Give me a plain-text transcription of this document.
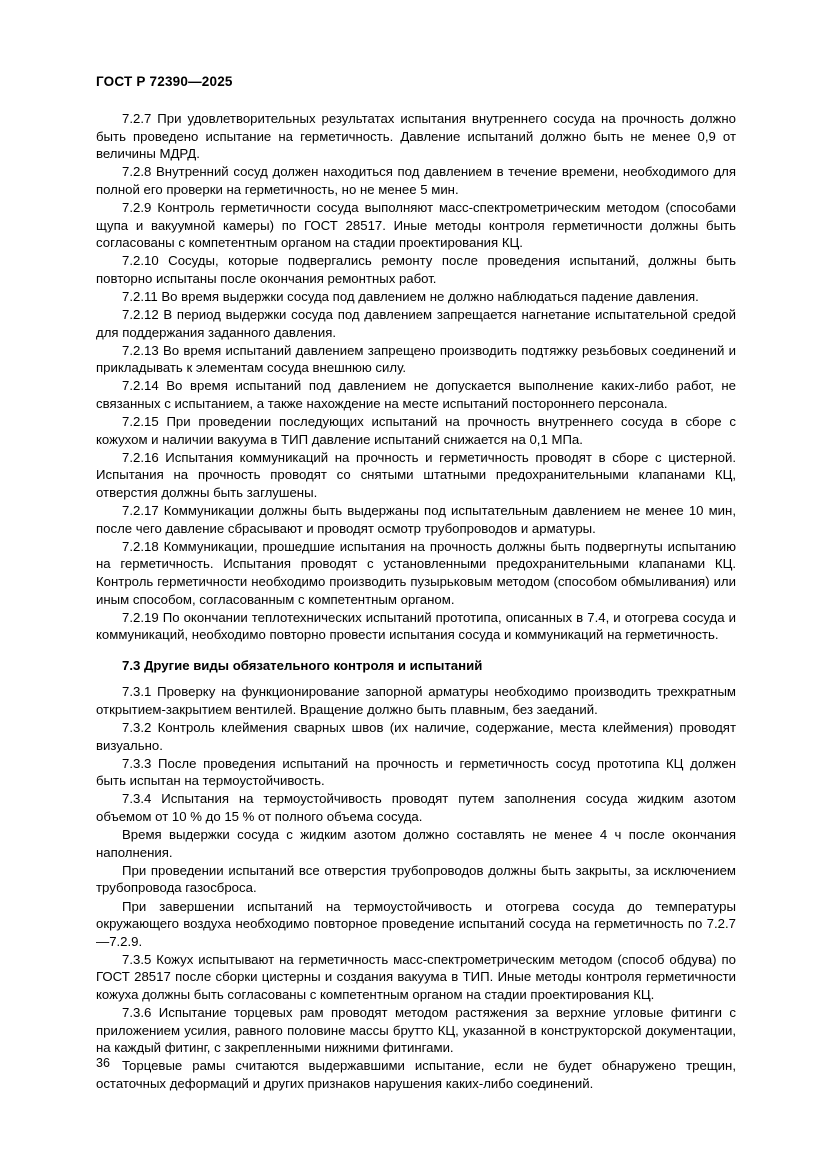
ГОСТ Р 72390—2025

7.2.7 При удовлетворительных результатах испытания внутреннего сосуда на прочность должно быть проведено испытание на герметичность. Давление испытаний должно быть не менее 0,9 от величины МДРД.

7.2.8 Внутренний сосуд должен находиться под давлением в течение времени, необходимого для полной его проверки на герметичность, но не менее 5 мин.

7.2.9 Контроль герметичности сосуда выполняют масс-спектрометрическим методом (способами щупа и вакуумной камеры) по ГОСТ 28517. Иные методы контроля герметичности должны быть согласованы с компетентным органом на стадии проектирования КЦ.

7.2.10 Сосуды, которые подвергались ремонту после проведения испытаний, должны быть повторно испытаны после окончания ремонтных работ.

7.2.11 Во время выдержки сосуда под давлением не должно наблюдаться падение давления.

7.2.12 В период выдержки сосуда под давлением запрещается нагнетание испытательной средой для поддержания заданного давления.

7.2.13 Во время испытаний давлением запрещено производить подтяжку резьбовых соединений и прикладывать к элементам сосуда внешнюю силу.

7.2.14 Во время испытаний под давлением не допускается выполнение каких-либо работ, не связанных с испытанием, а также нахождение на месте испытаний постороннего персонала.

7.2.15 При проведении последующих испытаний на прочность внутреннего сосуда в сборе с кожухом и наличии вакуума в ТИП давление испытаний снижается на 0,1 МПа.

7.2.16 Испытания коммуникаций на прочность и герметичность проводят в сборе с цистерной. Испытания на прочность проводят со снятыми штатными предохранительными клапанами КЦ, отверстия должны быть заглушены.

7.2.17 Коммуникации должны быть выдержаны под испытательным давлением не менее 10 мин, после чего давление сбрасывают и проводят осмотр трубопроводов и арматуры.

7.2.18 Коммуникации, прошедшие испытания на прочность должны быть подвергнуты испытанию на герметичность. Испытания проводят с установленными предохранительными клапанами КЦ. Контроль герметичности необходимо производить пузырьковым методом (способом обмыливания) или иным способом, согласованным с компетентным органом.

7.2.19 По окончании теплотехнических испытаний прототипа, описанных в 7.4, и отогрева сосуда и коммуникаций, необходимо повторно провести испытания сосуда и коммуникаций на герметичность.

7.3 Другие виды обязательного контроля и испытаний

7.3.1 Проверку на функционирование запорной арматуры необходимо производить трехкратным открытием-закрытием вентилей. Вращение должно быть плавным, без заеданий.

7.3.2 Контроль клеймения сварных швов (их наличие, содержание, места клеймения) проводят визуально.

7.3.3 После проведения испытаний на прочность и герметичность сосуд прототипа КЦ должен быть испытан на термоустойчивость.

7.3.4 Испытания на термоустойчивость проводят путем заполнения сосуда жидким азотом объемом от 10 % до 15 % от полного объема сосуда.

Время выдержки сосуда с жидким азотом должно составлять не менее 4 ч после окончания наполнения.

При проведении испытаний все отверстия трубопроводов должны быть закрыты, за исключением трубопровода газосброса.

При завершении испытаний на термоустойчивость и отогрева сосуда до температуры окружающего воздуха необходимо повторное проведение испытаний сосуда на герметичность по 7.2.7—7.2.9.

7.3.5 Кожух испытывают на герметичность масс-спектрометрическим методом (способ обдува) по ГОСТ 28517 после сборки цистерны и создания вакуума в ТИП. Иные методы контроля герметичности кожуха должны быть согласованы с компетентным органом на стадии проектирования КЦ.

7.3.6 Испытание торцевых рам проводят методом растяжения за верхние угловые фитинги с приложением усилия, равного половине массы брутто КЦ, указанной в конструкторской документации, на каждый фитинг, с закрепленными нижними фитингами.

Торцевые рамы считаются выдержавшими испытание, если не будет обнаружено трещин, остаточных деформаций и других признаков нарушения каких-либо соединений.

36
